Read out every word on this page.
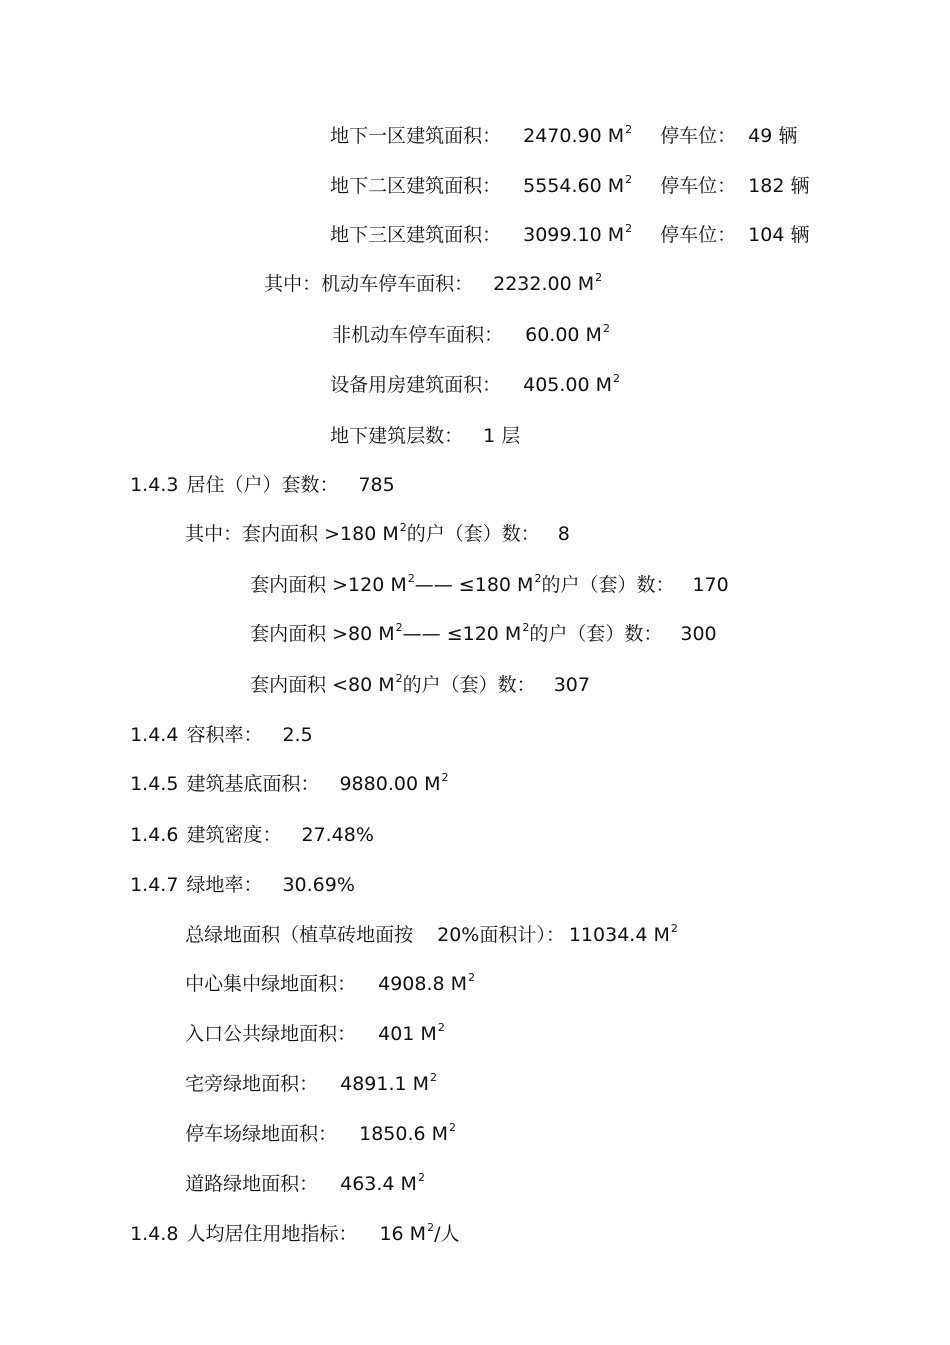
地下一区建筑面积： 2470.90 $M^2$ 停车位： 49 辆

地下二区建筑面积： 5554.60 $M^2$ 停车位： 182 辆

地下三区建筑面积： 3099.10 $M^2$ 停车位： 104 辆

其中：机动车停车面积： 2232.00 $M^2$

非机动车停车面积： 60.00 $M^2$

设备用房建筑面积： 405.00 $M^2$

地下建筑层数： 1 层

1.4.3 居住（户）套数： 785

其中：套内面积 >180 $M^2$的户（套）数： 8

套内面积 >120 $M^2—— \le 180$ $M^2$的户（套）数： 170

套内面积 >80 $M^2—— \le 120$ $M^2$的户（套）数： 300

套内面积 <80 $M^2$的户（套）数： 307

1.4.4 容积率： 2.5

1.4.5 建筑基底面积： 9880.00 $M^2$

1.4.6 建筑密度： 27.48%

1.4.7 绿地率： 30.69%

总绿地面积（植草砖地面按 20%面积计）： 11034.4 $M^2$

中心集中绿地面积： 4908.8 $M^2$

入口公共绿地面积： 401 $M^2$

宅旁绿地面积： 4891.1 $M^2$

停车场绿地面积： 1850.6 $M^2$

道路绿地面积： 463.4 $M^2$

1.4.8 人均居住用地指标： 16 $M^2/$人
